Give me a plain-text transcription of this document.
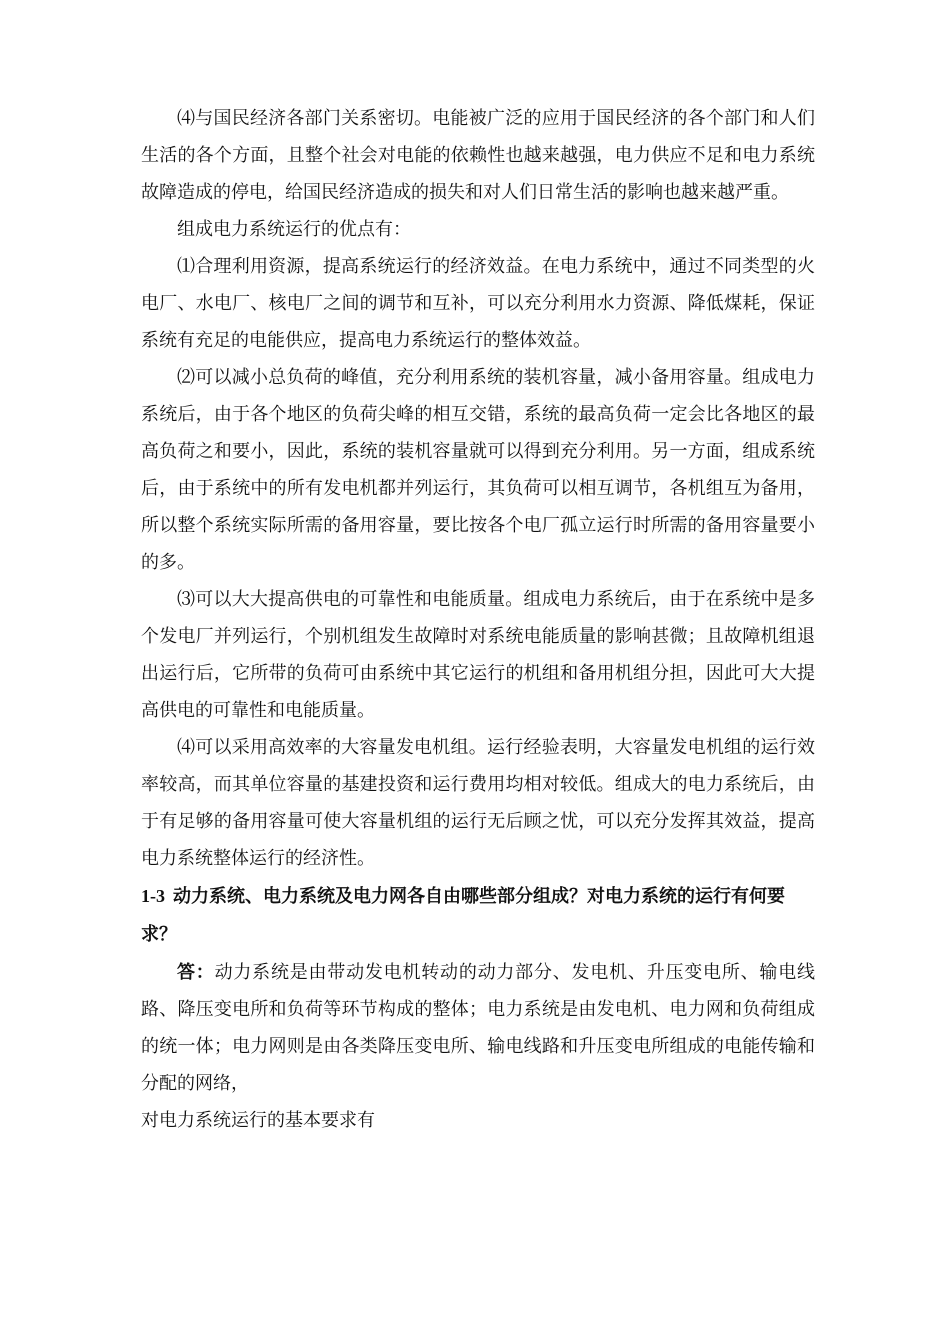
⑷与国民经济各部门关系密切。电能被广泛的应用于国民经济的各个部门和人们生活的各个方面，且整个社会对电能的依赖性也越来越强，电力供应不足和电力系统故障造成的停电，给国民经济造成的损失和对人们日常生活的影响也越来越严重。

组成电力系统运行的优点有：

⑴合理利用资源，提高系统运行的经济效益。在电力系统中，通过不同类型的火电厂、水电厂、核电厂之间的调节和互补，可以充分利用水力资源、降低煤耗，保证系统有充足的电能供应，提高电力系统运行的整体效益。

⑵可以减小总负荷的峰值，充分利用系统的装机容量，减小备用容量。组成电力系统后，由于各个地区的负荷尖峰的相互交错，系统的最高负荷一定会比各地区的最高负荷之和要小，因此，系统的装机容量就可以得到充分利用。另一方面，组成系统后，由于系统中的所有发电机都并列运行，其负荷可以相互调节，各机组互为备用，所以整个系统实际所需的备用容量，要比按各个电厂孤立运行时所需的备用容量要小的多。

⑶可以大大提高供电的可靠性和电能质量。组成电力系统后，由于在系统中是多个发电厂并列运行，个别机组发生故障时对系统电能质量的影响甚微；且故障机组退出运行后，它所带的负荷可由系统中其它运行的机组和备用机组分担，因此可大大提高供电的可靠性和电能质量。

⑷可以采用高效率的大容量发电机组。运行经验表明，大容量发电机组的运行效率较高，而其单位容量的基建投资和运行费用均相对较低。组成大的电力系统后，由于有足够的备用容量可使大容量机组的运行无后顾之忧，可以充分发挥其效益，提高电力系统整体运行的经济性。

1-3 动力系统、电力系统及电力网各自由哪些部分组成？对电力系统的运行有何要求？

答：动力系统是由带动发电机转动的动力部分、发电机、升压变电所、输电线路、降压变电所和负荷等环节构成的整体；电力系统是由发电机、电力网和负荷组成的统一体；电力网则是由各类降压变电所、输电线路和升压变电所组成的电能传输和分配的网络，

对电力系统运行的基本要求有
